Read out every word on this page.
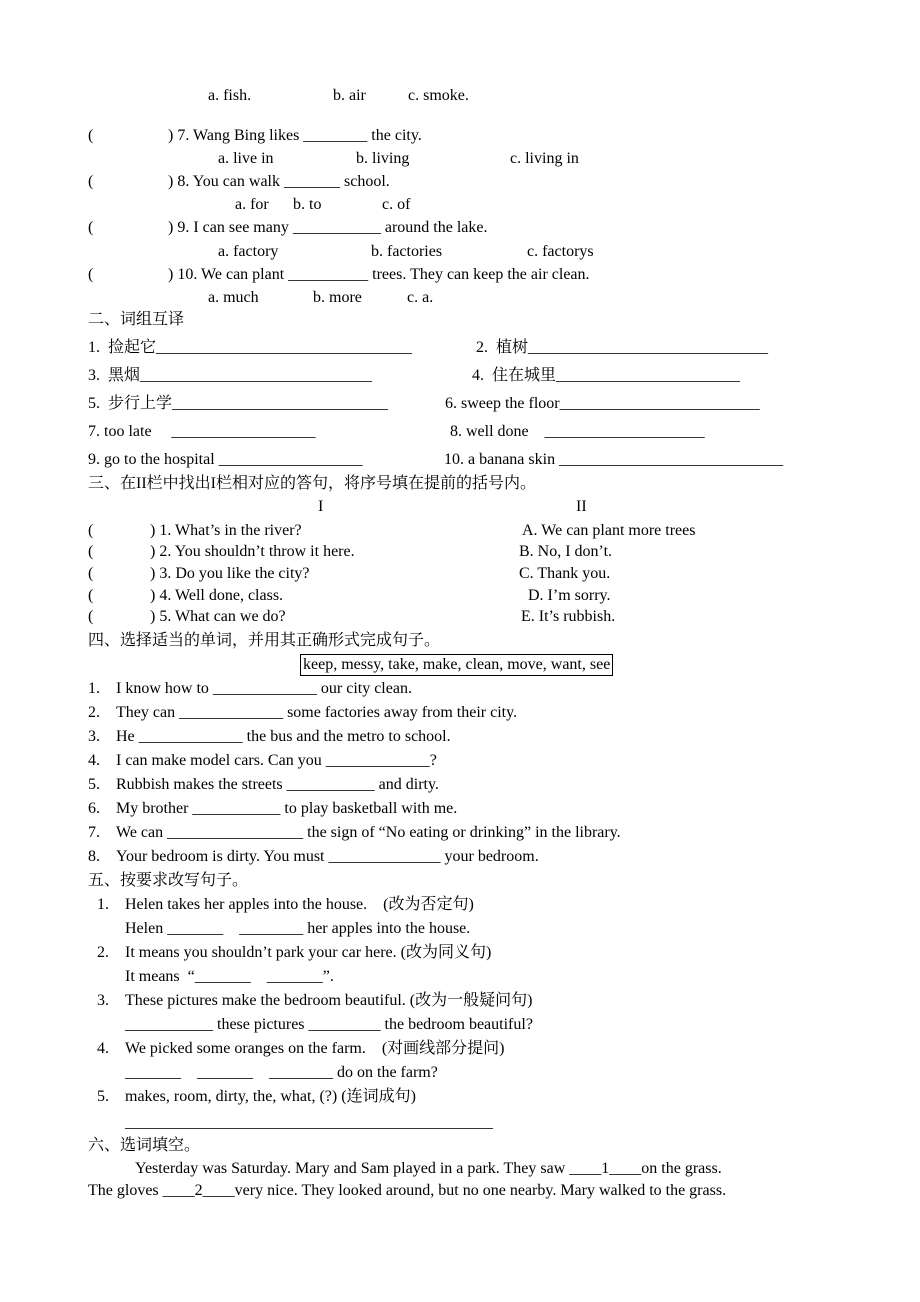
a. fish.	b. air	c. smoke.
(	) 7. Wang Bing likes ________ the city.
a. live in	b. living	c. living in
(	) 8. You can walk _______ school.
a. for b. to	c. of
(	) 9. I can see many ___________ around the lake.
a. factory	b. factories	c. factorys
(	) 10. We can plant __________ trees. They can keep the air clean.
a. much	b. more	c. a.
二、词组互译
1.  捡起它________________________________	2.  植树______________________________
3.  黑烟_____________________________	4.  住在城里_______________________
5.  步行上学___________________________	6. sweep the floor_________________________
7. too late     __________________	8. well done    ____________________
9. go to the hospital __________________	10. a banana skin ____________________________
三、在II栏中找出I栏相对应的答句，将序号填在提前的括号内。
I	II
(	) 1. What’s in the river?	A. We can plant more trees
(	) 2. You shouldn’t throw it here.	B. No, I don’t.
(	) 3. Do you like the city?	C. Thank you.
(	) 4. Well done, class.	D. I’m sorry.
(	) 5. What can we do?	E. It’s rubbish.
四、选择适当的单词，并用其正确形式完成句子。
keep, messy, take, make, clean, move, want, see
1. I know how to _____________ our city clean.
2. They can _____________ some factories away from their city.
3. He _____________ the bus and the metro to school.
4. I can make model cars. Can you _____________?
5. Rubbish makes the streets ___________ and dirty.
6. My brother ___________ to play basketball with me.
7. We can _________________ the sign of “No eating or drinking” in the library.
8. Your bedroom is dirty. You must ______________ your bedroom.
五、按要求改写句子。
1. Helen takes her apples into the house.    (改为否定句)
Helen _______    ________ her apples into the house.
2. It means you shouldn’t park your car here. (改为同义句)
It means  “_______    _______”.
3. These pictures make the bedroom beautiful. (改为一般疑问句)
___________ these pictures _________ the bedroom beautiful?
4. We picked some oranges on the farm.    (对画线部分提问)
_______    _______    ________ do on the farm?
5. makes, room, dirty, the, what, (?) (连词成句)
______________________________________________
六、选词填空。
Yesterday was Saturday. Mary and Sam played in a park. They saw ____1____on the grass.
The gloves ____2____very nice. They looked around, but no one nearby. Mary walked to the grass.
